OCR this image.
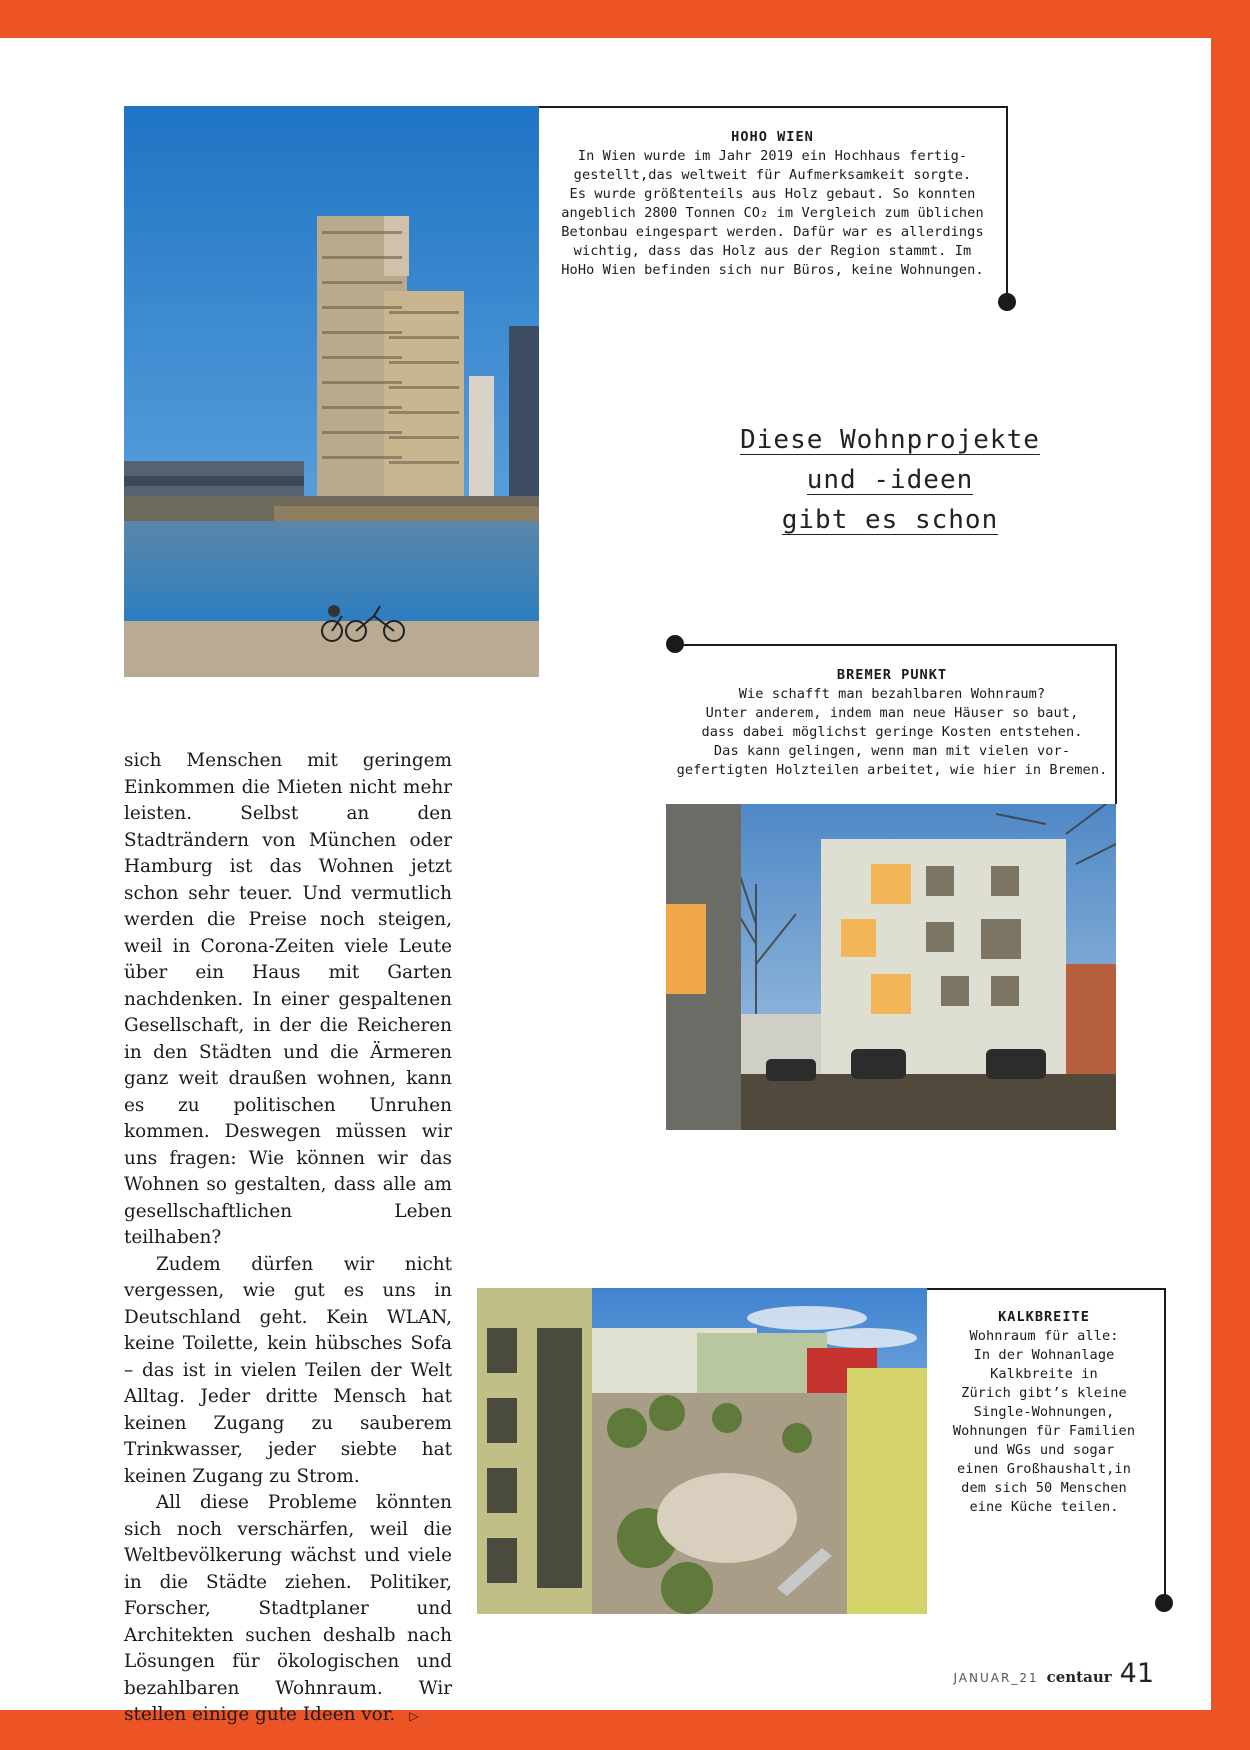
HOHO WIEN

In Wien wurde im Jahr 2019 ein Hochhaus fertig-

gestellt,das weltweit für Aufmerksamkeit sorgte.

Es wurde größtenteils aus Holz gebaut. So konnten

angeblich 2800 Tonnen CO₂ im Vergleich zum üblichen

Betonbau eingespart werden. Dafür war es allerdings

wichtig, dass das Holz aus der Region stammt. Im

HoHo Wien befinden sich nur Büros, keine Wohnungen.

Diese Wohnprojekte
und -ideen
gibt es schon
BREMER PUNKT

Wie schafft man bezahlbaren Wohnraum?

Unter anderem, indem man neue Häuser so baut,

dass dabei möglichst geringe Kosten entstehen.

Das kann gelingen, wenn man mit vielen vor-

gefertigten Holzteilen arbeitet, wie hier in Bremen.

sich Menschen mit geringem Einkommen die Mieten nicht mehr leisten. Selbst an den Stadträndern von München oder Hamburg ist das Wohnen jetzt schon sehr teuer. Und vermutlich werden die Preise noch steigen, weil in Corona-Zeiten viele Leute über ein Haus mit Garten nachdenken. In einer gespaltenen Gesellschaft, in der die Reicheren in den Städten und die Ärmeren ganz weit draußen wohnen, kann es zu politischen Unruhen kommen. Deswegen müssen wir uns fragen: Wie können wir das Wohnen so gestalten, dass alle am gesellschaftlichen Leben teilhaben?

Zudem dürfen wir nicht vergessen, wie gut es uns in Deutschland geht. Kein WLAN, keine Toilette, kein hübsches Sofa – das ist in vielen Teilen der Welt Alltag. Jeder dritte Mensch hat keinen Zugang zu sauberem Trinkwasser, jeder siebte hat keinen Zugang zu Strom.

All diese Probleme könnten sich noch verschärfen, weil die Weltbevölkerung wächst und viele in die Städte ziehen. Politiker, Forscher, Stadtplaner und Architekten suchen deshalb nach Lösungen für ökologischen und bezahlbaren Wohnraum. Wir stellen einige gute Ideen vor. ▷

KALKBREITE

Wohnraum für alle:

In der Wohnanlage

Kalkbreite in

Zürich gibt’s kleine

Single-Wohnungen,

Wohnungen für Familien

und WGs und sogar

einen Großhaushalt,in

dem sich 50 Menschen

eine Küche teilen.

JANUAR_21 centaur 41
